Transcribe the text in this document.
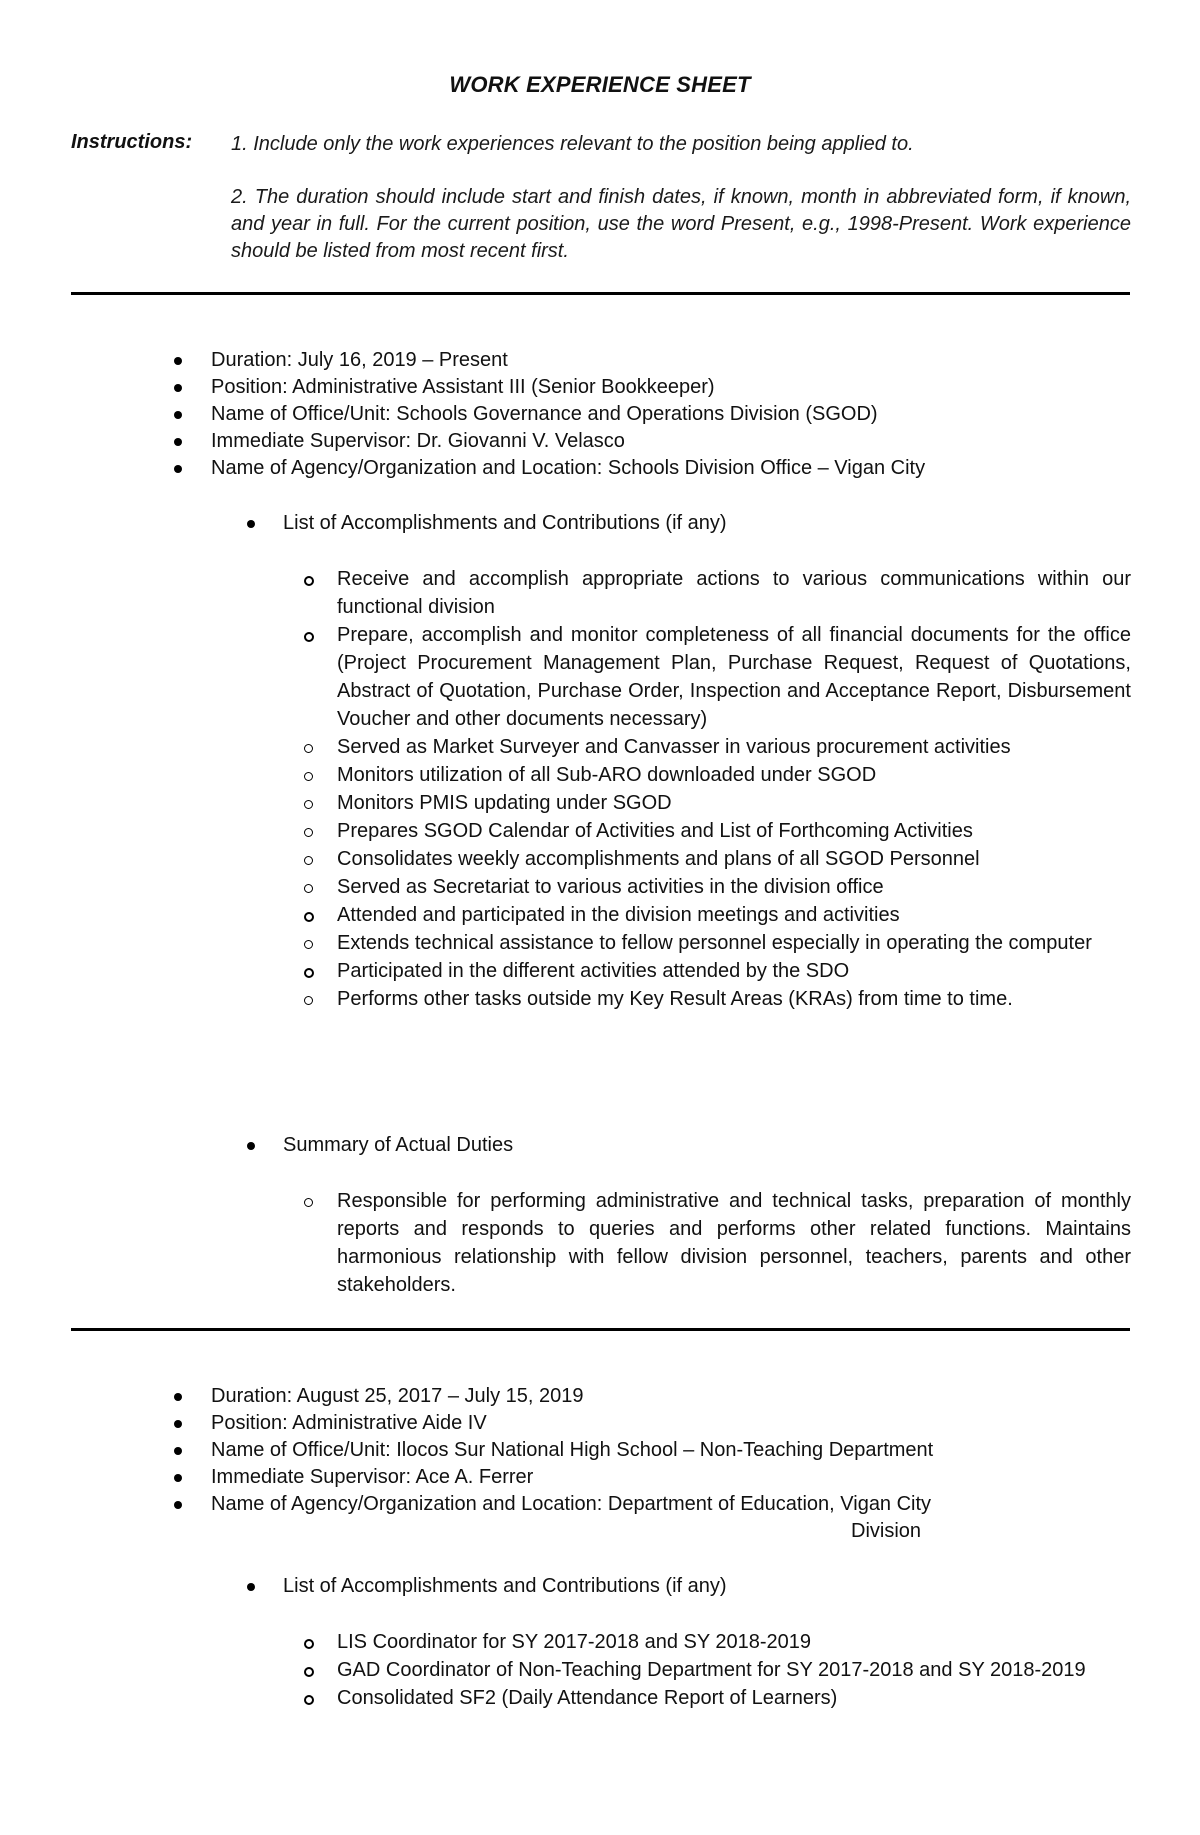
WORK EXPERIENCE SHEET
Instructions: 1. Include only the work experiences relevant to the position being applied to.
2. The duration should include start and finish dates, if known, month in abbreviated form, if known, and year in full. For the current position, use the word Present, e.g., 1998-Present. Work experience should be listed from most recent first.
Duration: July 16, 2019 – Present
Position: Administrative Assistant III (Senior Bookkeeper)
Name of Office/Unit: Schools Governance and Operations Division (SGOD)
Immediate Supervisor: Dr. Giovanni V. Velasco
Name of Agency/Organization and Location: Schools Division Office – Vigan City
List of Accomplishments and Contributions (if any)
Receive and accomplish appropriate actions to various communications within our functional division
Prepare, accomplish and monitor completeness of all financial documents for the office (Project Procurement Management Plan, Purchase Request, Request of Quotations, Abstract of Quotation, Purchase Order, Inspection and Acceptance Report, Disbursement Voucher and other documents necessary)
Served as Market Surveyer and Canvasser in various procurement activities
Monitors utilization of all Sub-ARO downloaded under SGOD
Monitors PMIS updating under SGOD
Prepares SGOD Calendar of Activities and List of Forthcoming Activities
Consolidates weekly accomplishments and plans of all SGOD Personnel
Served as Secretariat to various activities in the division office
Attended and participated in the division meetings and activities
Extends technical assistance to fellow personnel especially in operating the computer
Participated in the different activities attended by the SDO
Performs other tasks outside my Key Result Areas (KRAs) from time to time.
Summary of Actual Duties
Responsible for performing administrative and technical tasks, preparation of monthly reports and responds to queries and performs other related functions. Maintains harmonious relationship with fellow division personnel, teachers, parents and other stakeholders.
Duration: August 25, 2017 – July 15, 2019
Position: Administrative Aide IV
Name of Office/Unit: Ilocos Sur National High School – Non-Teaching Department
Immediate Supervisor: Ace A. Ferrer
Name of Agency/Organization and Location: Department of Education, Vigan City
Division
List of Accomplishments and Contributions (if any)
LIS Coordinator for SY 2017-2018 and SY 2018-2019
GAD Coordinator of Non-Teaching Department for SY 2017-2018 and SY 2018-2019
Consolidated SF2 (Daily Attendance Report of Learners)
